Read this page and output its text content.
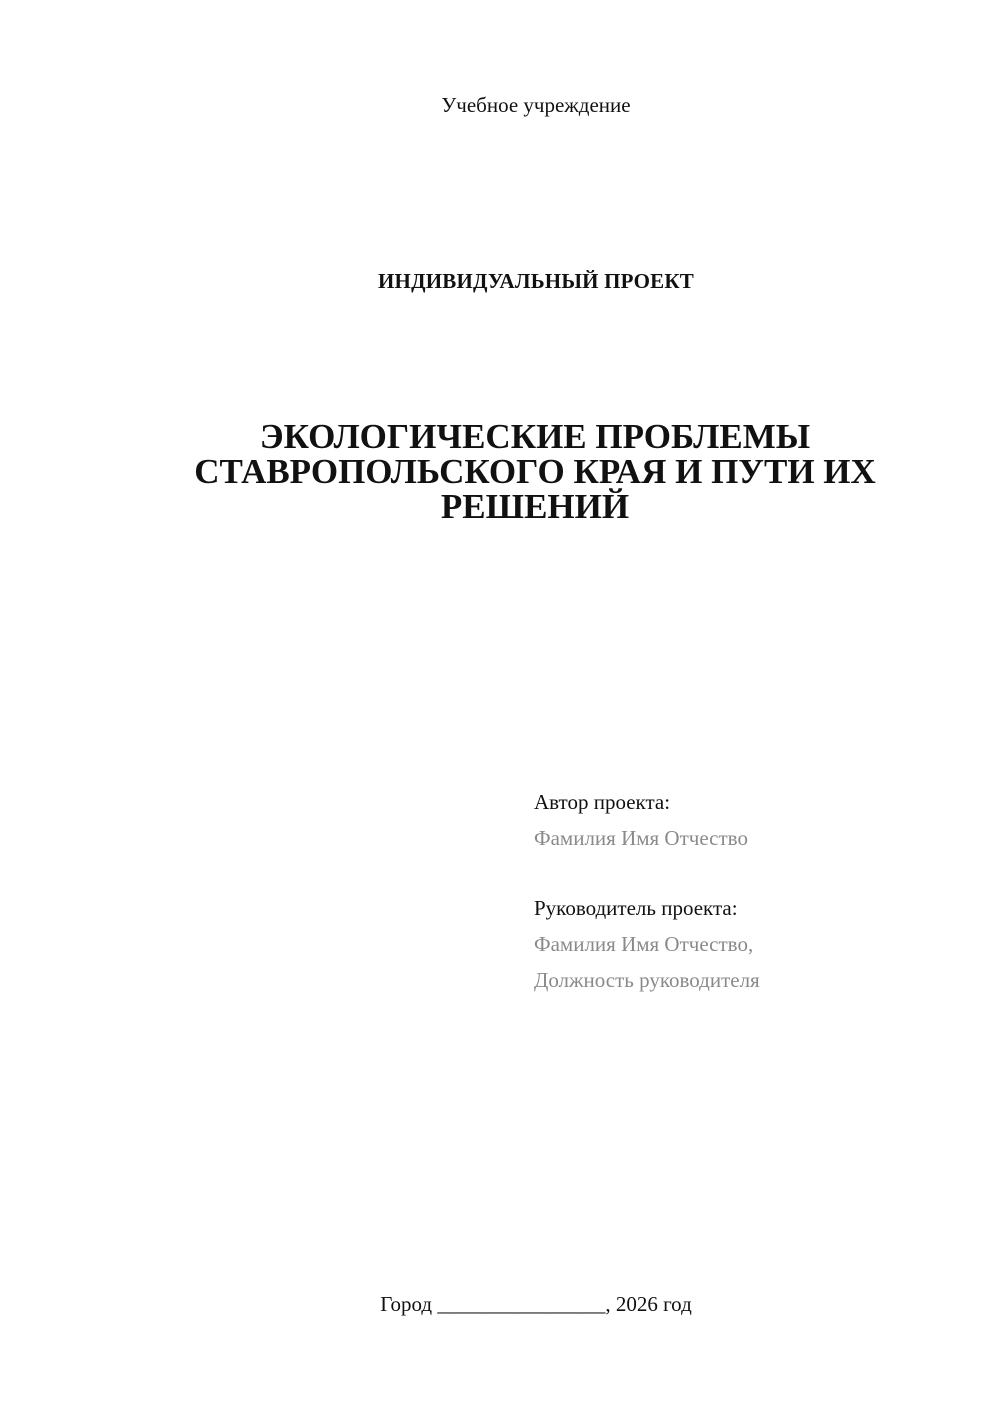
Учебное учреждение
ИНДИВИДУАЛЬНЫЙ ПРОЕКТ
ЭКОЛОГИЧЕСКИЕ ПРОБЛЕМЫ
СТАВРОПОЛЬСКОГО КРАЯ И ПУТИ ИХ
РЕШЕНИЙ
Автор проекта:
Фамилия Имя Отчество
Руководитель проекта:
Фамилия Имя Отчество,
Должность руководителя
Город ________________, 2026 год
